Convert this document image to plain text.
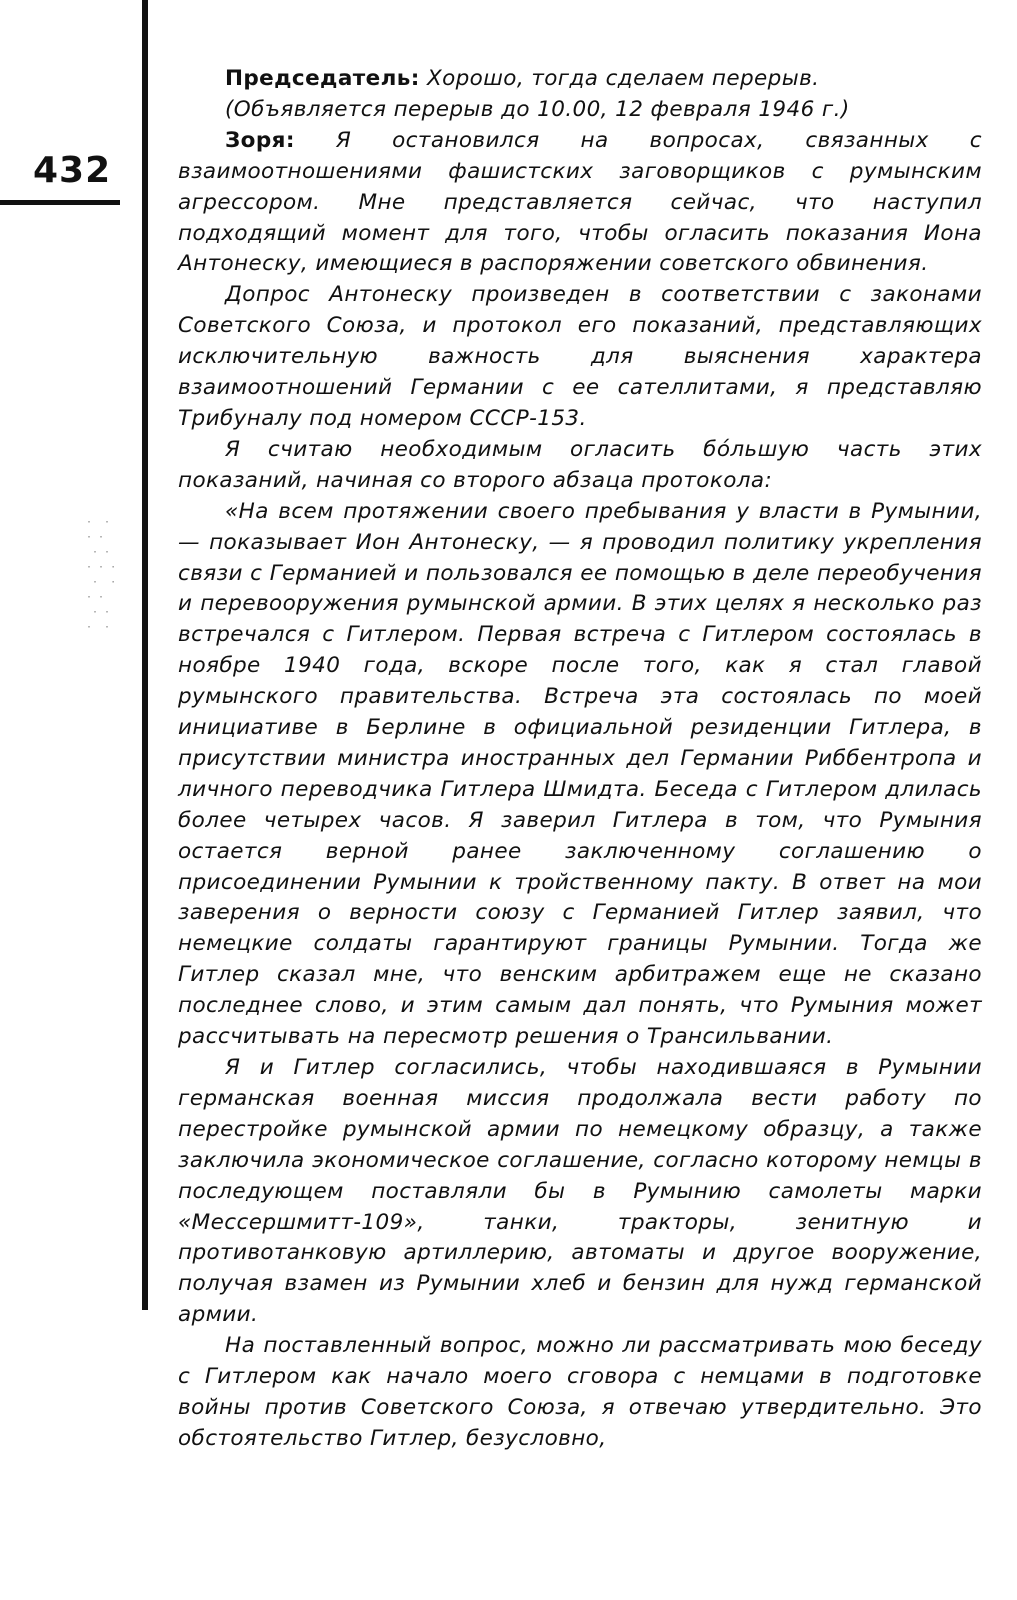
432
·  ·
· ·
· ·
· · ·
·  ·
· ·
· ·
·  ·

Председатель: Хорошо, тогда сделаем перерыв.

(Объявляется перерыв до 10.00, 12 февраля 1946 г.)

Зоря: Я остановился на вопросах, связанных с взаимоотношениями фашистских заговорщиков с румынским агрессором. Мне представляется сейчас, что наступил подходящий момент для того, чтобы огласить показания Иона Антонеску, имеющиеся в распоряжении советского обвинения.

Допрос Антонеску произведен в соответствии с законами Советского Союза, и протокол его показаний, представляющих исключительную важность для выяснения характера взаимоотношений Германии с ее сателлитами, я представляю Трибуналу под номером СССР-153.

Я считаю необходимым огласить бóльшую часть этих показаний, начиная со второго абзаца протокола:

«На всем протяжении своего пребывания у власти в Румынии, — показывает Ион Антонеску, — я проводил политику укрепления связи с Германией и пользовался ее помощью в деле переобучения и перевооружения румынской армии. В этих целях я несколько раз встречался с Гитлером. Первая встреча с Гитлером состоялась в ноябре 1940 года, вскоре после того, как я стал главой румынского правительства. Встреча эта состоялась по моей инициативе в Берлине в официальной резиденции Гитлера, в присутствии министра иностранных дел Германии Риббентропа и личного переводчика Гитлера Шмидта. Беседа с Гитлером длилась более четырех часов. Я заверил Гитлера в том, что Румыния остается верной ранее заключенному соглашению о присоединении Румынии к тройственному пакту. В ответ на мои заверения о верности союзу с Германией Гитлер заявил, что немецкие солдаты гарантируют границы Румынии. Тогда же Гитлер сказал мне, что венским арбитражем еще не сказано последнее слово, и этим самым дал понять, что Румыния может рассчитывать на пересмотр решения о Трансильвании.

Я и Гитлер согласились, чтобы находившаяся в Румынии германская военная миссия продолжала вести работу по перестройке румынской армии по немецкому образцу, а также заключила экономическое соглашение, согласно которому немцы в последующем поставляли бы в Румынию самолеты марки «Мессершмитт-109», танки, тракторы, зенитную и противотанковую артиллерию, автоматы и другое вооружение, получая взамен из Румынии хлеб и бензин для нужд германской армии.

На поставленный вопрос, можно ли рассматривать мою беседу с Гитлером как начало моего сговора с немцами в подготовке войны против Советского Союза, я отвечаю утвердительно. Это обстоятельство Гитлер, безусловно,
